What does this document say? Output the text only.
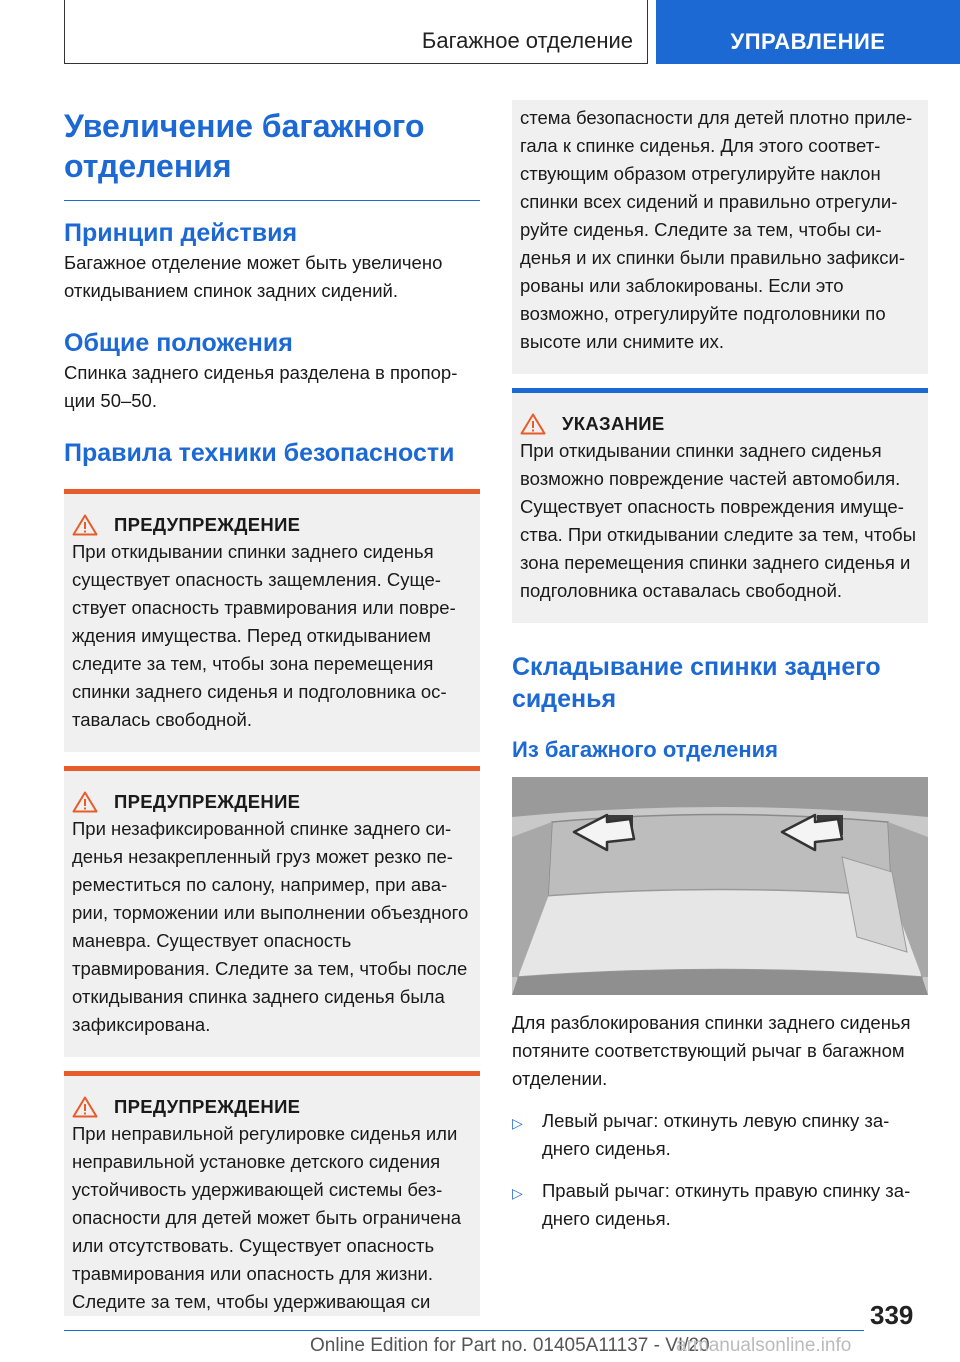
Багажное отделение	УПРАВЛЕНИЕ
Увеличение багажного отделения
Принцип действия

Багажное отделение может быть увеличено откидыванием спинок задних сидений.

Общие положения

Спинка заднего сиденья разделена в пропорции 50–50.

Правила техники безопасности
ПРЕДУПРЕЖДЕНИЕ

При откидывании спинки заднего сиденья существует опасность защемления. Существует опасность травмирования или повреждения имущества. Перед откидыванием следите за тем, чтобы зона перемещения спинки заднего сиденья и подголовника оставалась свободной.

ПРЕДУПРЕЖДЕНИЕ

При незафиксированной спинке заднего сиденья незакрепленный груз может резко переместиться по салону, например, при аварии, торможении или выполнении объездного маневра. Существует опасность травмирования. Следите за тем, чтобы после откидывания спинка заднего сиденья была зафиксирована.

ПРЕДУПРЕЖДЕНИЕ

При неправильной регулировке сиденья или неправильной установке детского сидения устойчивость удерживающей системы безопасности для детей может быть ограничена или отсутствовать. Существует опасность травмирования или опасность для жизни. Следите за тем, чтобы удерживающая си

стема безопасности для детей плотно прилегала к спинке сиденья. Для этого соответствующим образом отрегулируйте наклон спинки всех сидений и правильно отрегулируйте сиденья. Следите за тем, чтобы сиденья и их спинки были правильно зафиксированы или заблокированы. Если это возможно, отрегулируйте подголовники по высоте или снимите их.

УКАЗАНИЕ

При откидывании спинки заднего сиденья возможно повреждение частей автомобиля. Существует опасность повреждения имущества. При откидывании следите за тем, чтобы зона перемещения спинки заднего сиденья и подголовника оставалась свободной.

Складывание спинки заднего сиденья
Из багажного отделения

Для разблокирования спинки заднего сиденья потяните соответствующий рычаг в багажном отделении.

▷	Левый рычаг: откинуть левую спинку заднего сиденья.
▷	Правый рычаг: откинуть правую спинку заднего сиденья.
339
Online Edition for Part no. 01405A11137 - VI/20
armanualsonline.info
